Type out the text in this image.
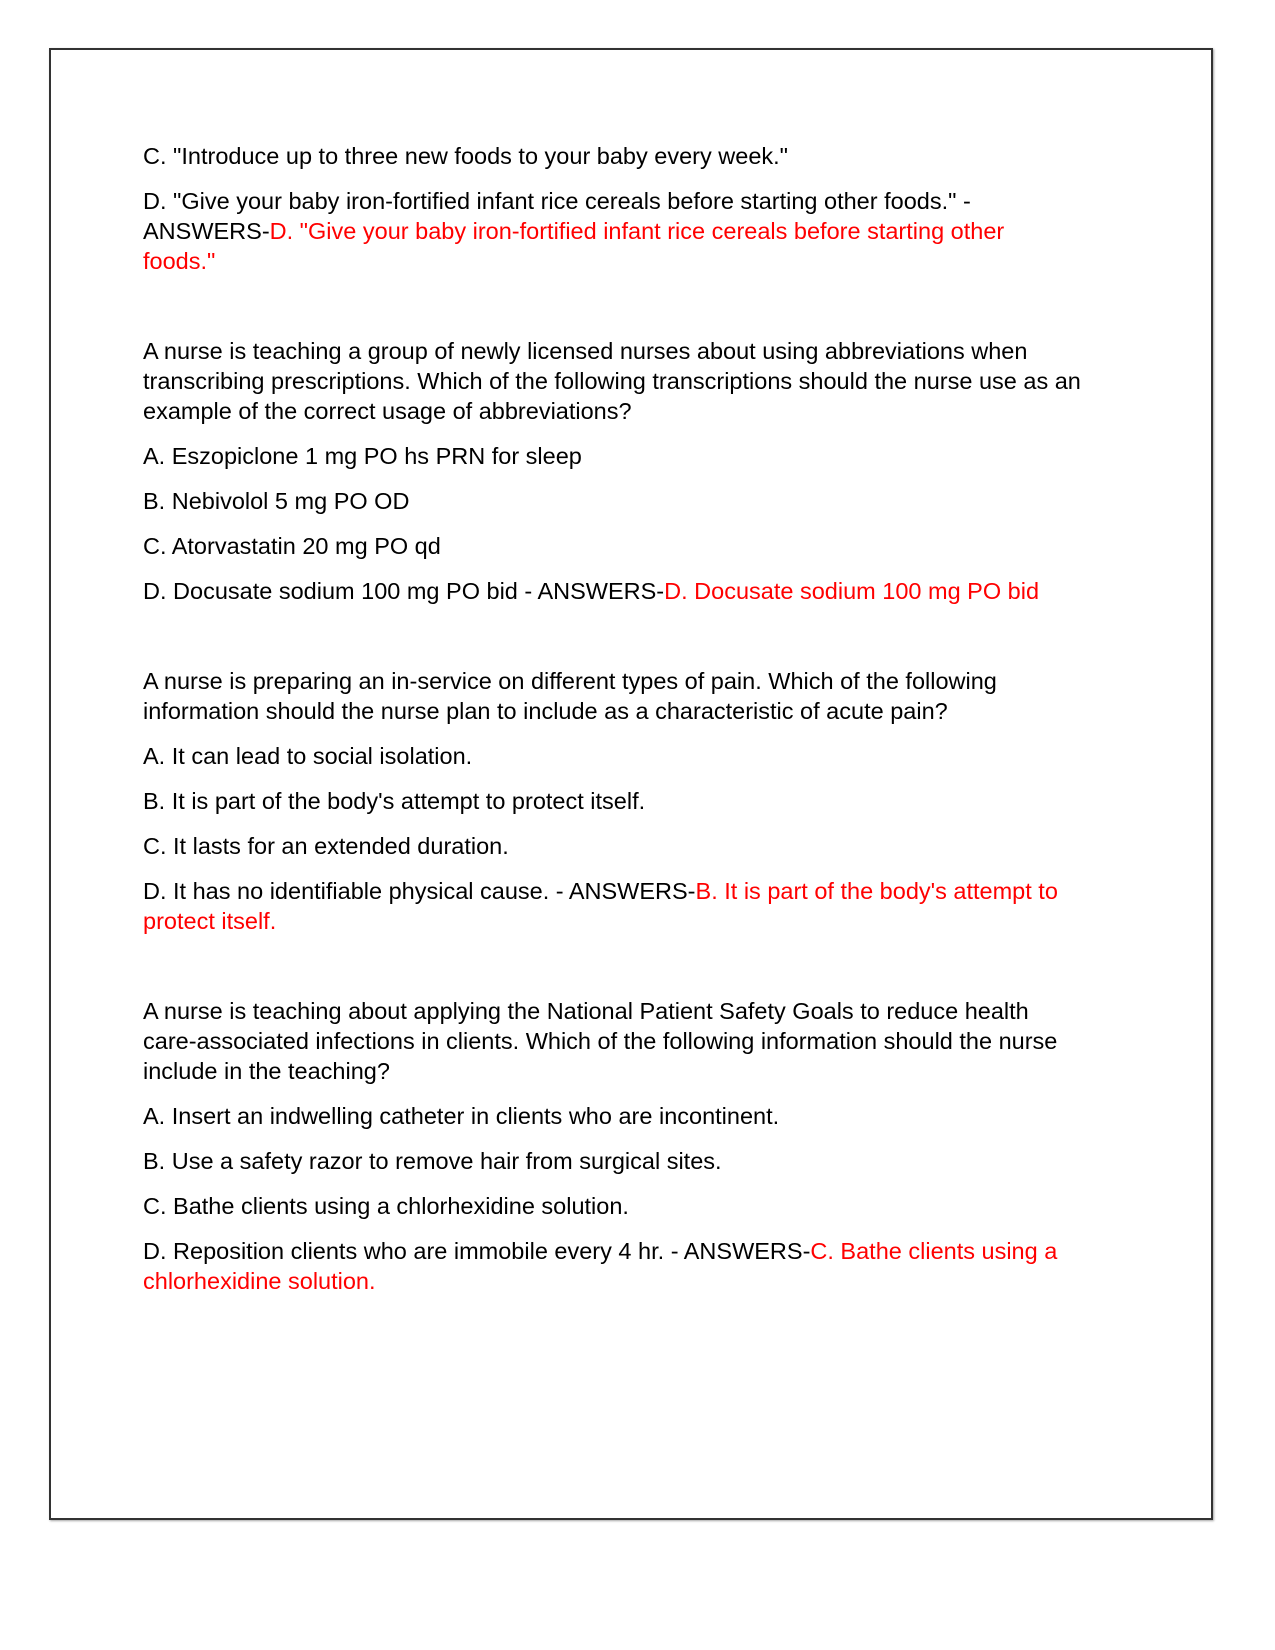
C. "Introduce up to three new foods to your baby every week."
D. "Give your baby iron-fortified infant rice cereals before starting other foods." - ANSWERS-D. "Give your baby iron-fortified infant rice cereals before starting other foods."
A nurse is teaching a group of newly licensed nurses about using abbreviations when transcribing prescriptions. Which of the following transcriptions should the nurse use as an example of the correct usage of abbreviations?
A. Eszopiclone 1 mg PO hs PRN for sleep
B. Nebivolol 5 mg PO OD
C. Atorvastatin 20 mg PO qd
D. Docusate sodium 100 mg PO bid - ANSWERS-D. Docusate sodium 100 mg PO bid
A nurse is preparing an in-service on different types of pain. Which of the following information should the nurse plan to include as a characteristic of acute pain?
A. It can lead to social isolation.
B. It is part of the body's attempt to protect itself.
C. It lasts for an extended duration.
D. It has no identifiable physical cause. - ANSWERS-B. It is part of the body's attempt to protect itself.
A nurse is teaching about applying the National Patient Safety Goals to reduce health care-associated infections in clients. Which of the following information should the nurse include in the teaching?
A. Insert an indwelling catheter in clients who are incontinent.
B. Use a safety razor to remove hair from surgical sites.
C. Bathe clients using a chlorhexidine solution.
D. Reposition clients who are immobile every 4 hr. - ANSWERS-C. Bathe clients using a chlorhexidine solution.
